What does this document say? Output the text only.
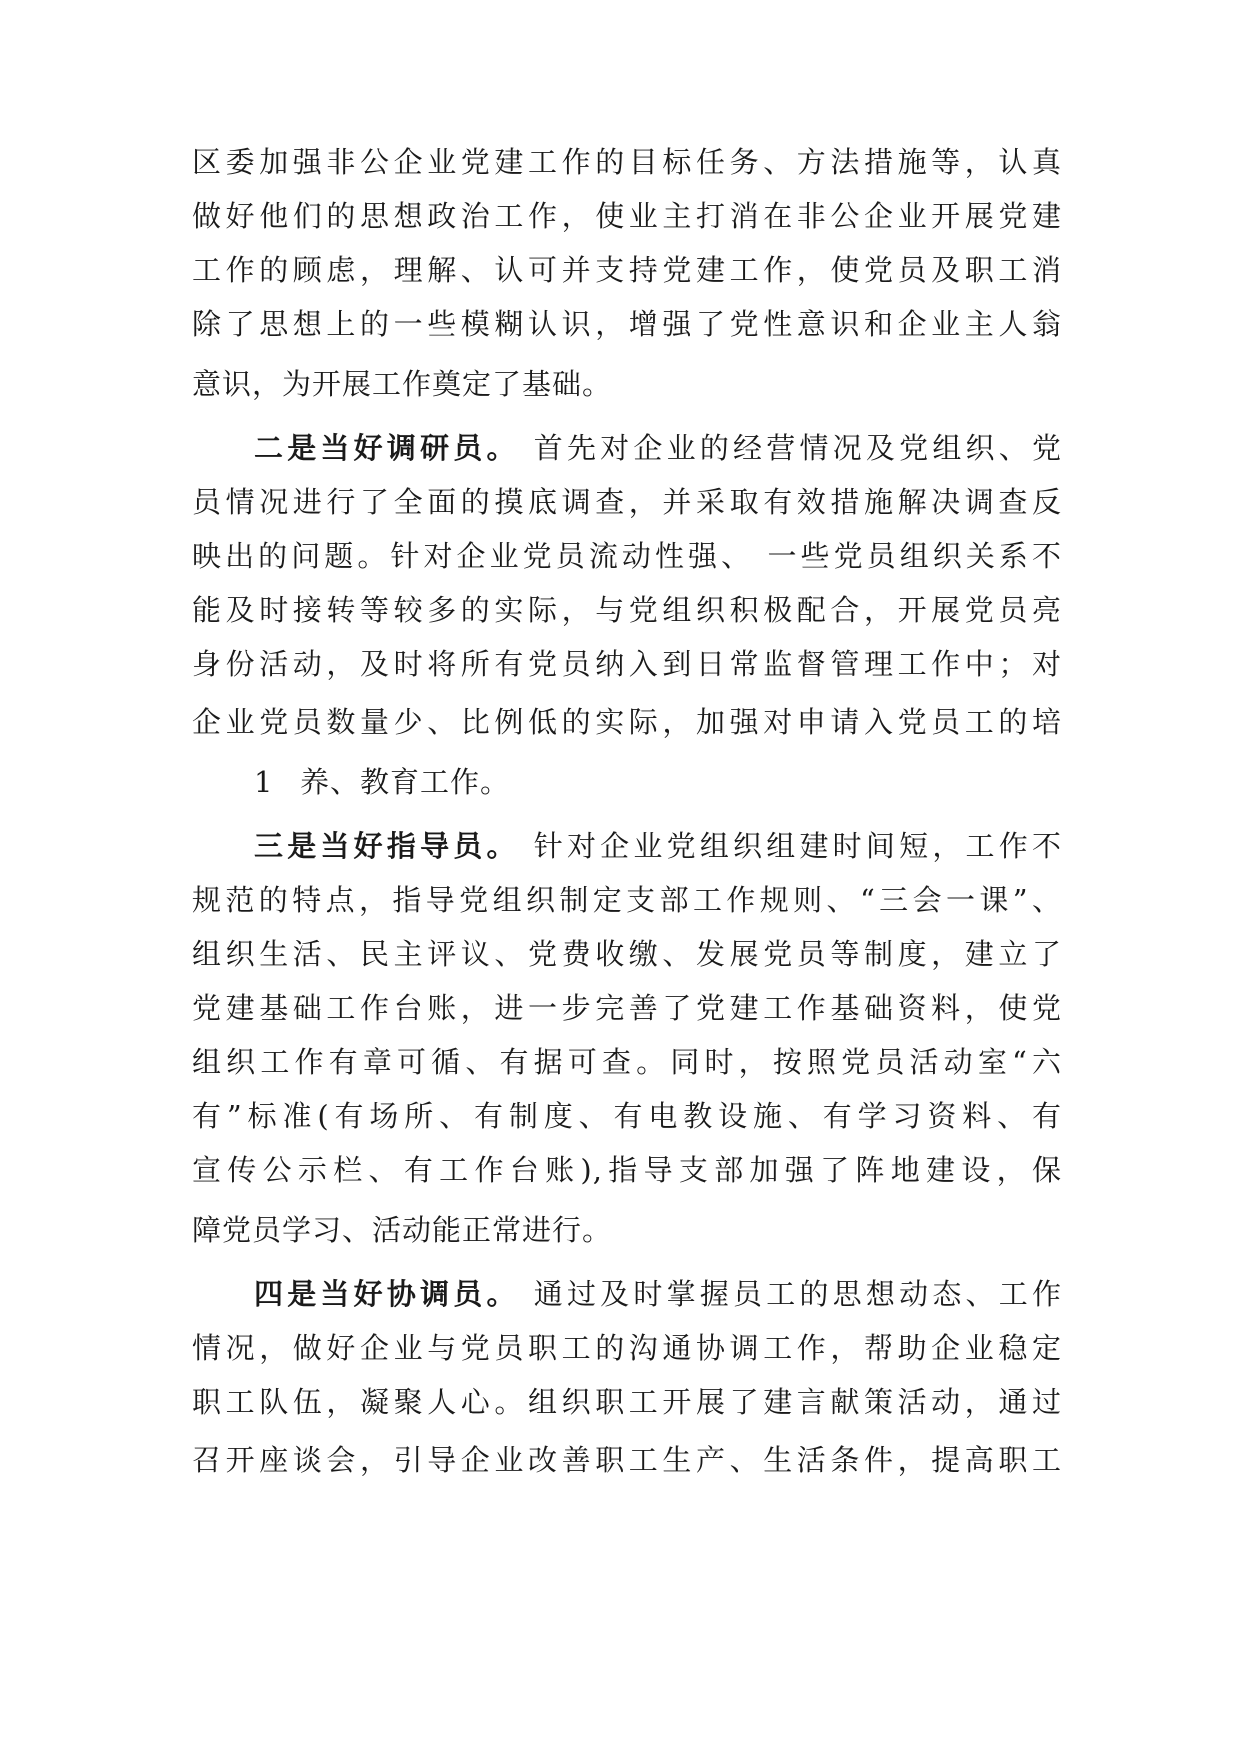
区委加强非公企业党建工作的目标任务、方法措施等，认真
做好他们的思想政治工作，使业主打消在非公企业开展党建
工作的顾虑，理解、认可并支持党建工作，使党员及职工消
除了思想上的一些模糊认识，增强了党性意识和企业主人翁
意识，为开展工作奠定了基础。
二是当好调研员。 首先对企业的经营情况及党组织、党
员情况进行了全面的摸底调查，并采取有效措施解决调查反
映出的问题。针对企业党员流动性强、 一些党员组织关系不
能及时接转等较多的实际，与党组织积极配合，开展党员亮
身份活动，及时将所有党员纳入到日常监督管理工作中；对
企业党员数量少、比例低的实际，加强对申请入党员工的培
1 养、教育工作。
三是当好指导员。 针对企业党组织组建时间短，工作不
规范的特点，指导党组织制定支部工作规则、“三会一课”、
组织生活、民主评议、党费收缴、发展党员等制度，建立了
党建基础工作台账，进一步完善了党建工作基础资料，使党
组织工作有章可循、有据可查。同时，按照党员活动室“六
有”标准(有场所、有制度、有电教设施、有学习资料、有
宣传公示栏、有工作台账),指导支部加强了阵地建设，保
障党员学习、活动能正常进行。
四是当好协调员。 通过及时掌握员工的思想动态、工作
情况，做好企业与党员职工的沟通协调工作，帮助企业稳定
职工队伍，凝聚人心。组织职工开展了建言献策活动，通过
召开座谈会，引导企业改善职工生产、生活条件，提高职工
